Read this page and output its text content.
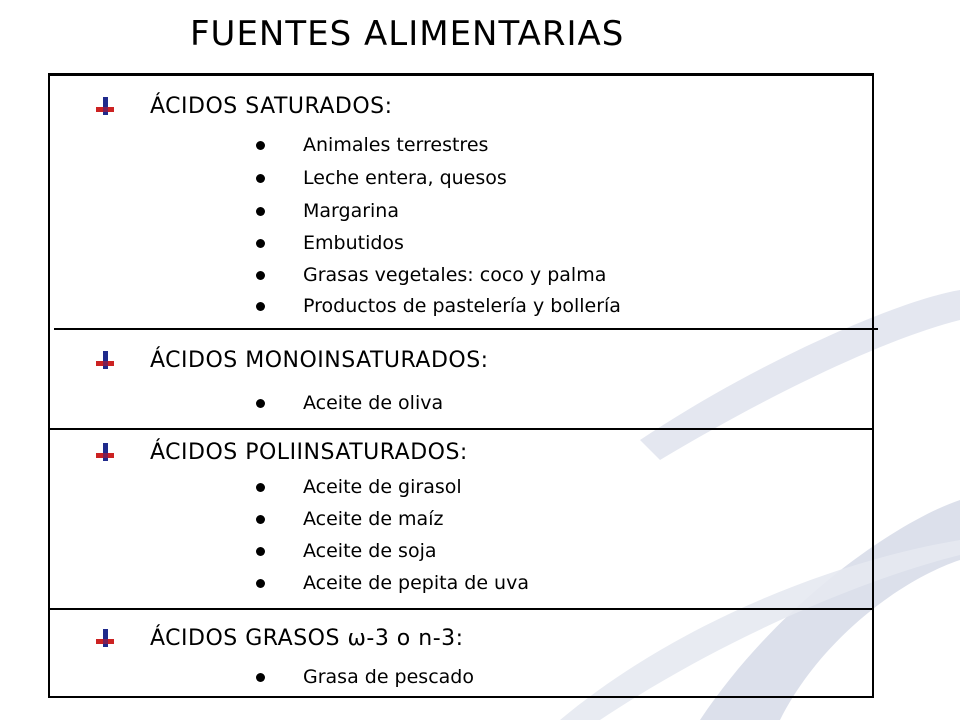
FUENTES ALIMENTARIAS
ÁCIDOS SATURADOS:
Animales terrestres
Leche entera, quesos
Margarina
Embutidos
Grasas vegetales: coco y palma
Productos de pastelería y bollería
ÁCIDOS MONOINSATURADOS:
Aceite de oliva
ÁCIDOS POLIINSATURADOS:
Aceite de girasol
Aceite de maíz
Aceite de soja
Aceite de pepita de uva
ÁCIDOS GRASOS ω-3 o n-3:
Grasa de pescado
